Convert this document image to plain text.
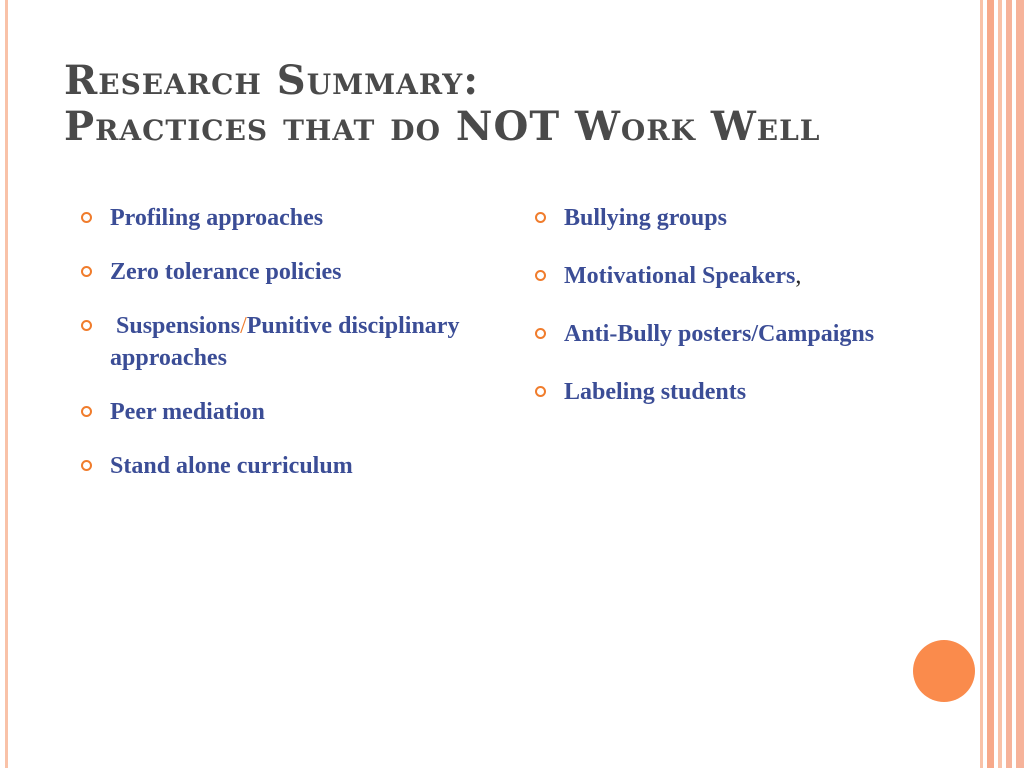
Research Summary:
Practices that do NOT Work Well
Profiling approaches
Zero tolerance policies
Suspensions/Punitive disciplinary approaches
Peer mediation
Stand alone curriculum
Bullying groups
Motivational Speakers,
Anti-Bully posters/Campaigns
Labeling students
